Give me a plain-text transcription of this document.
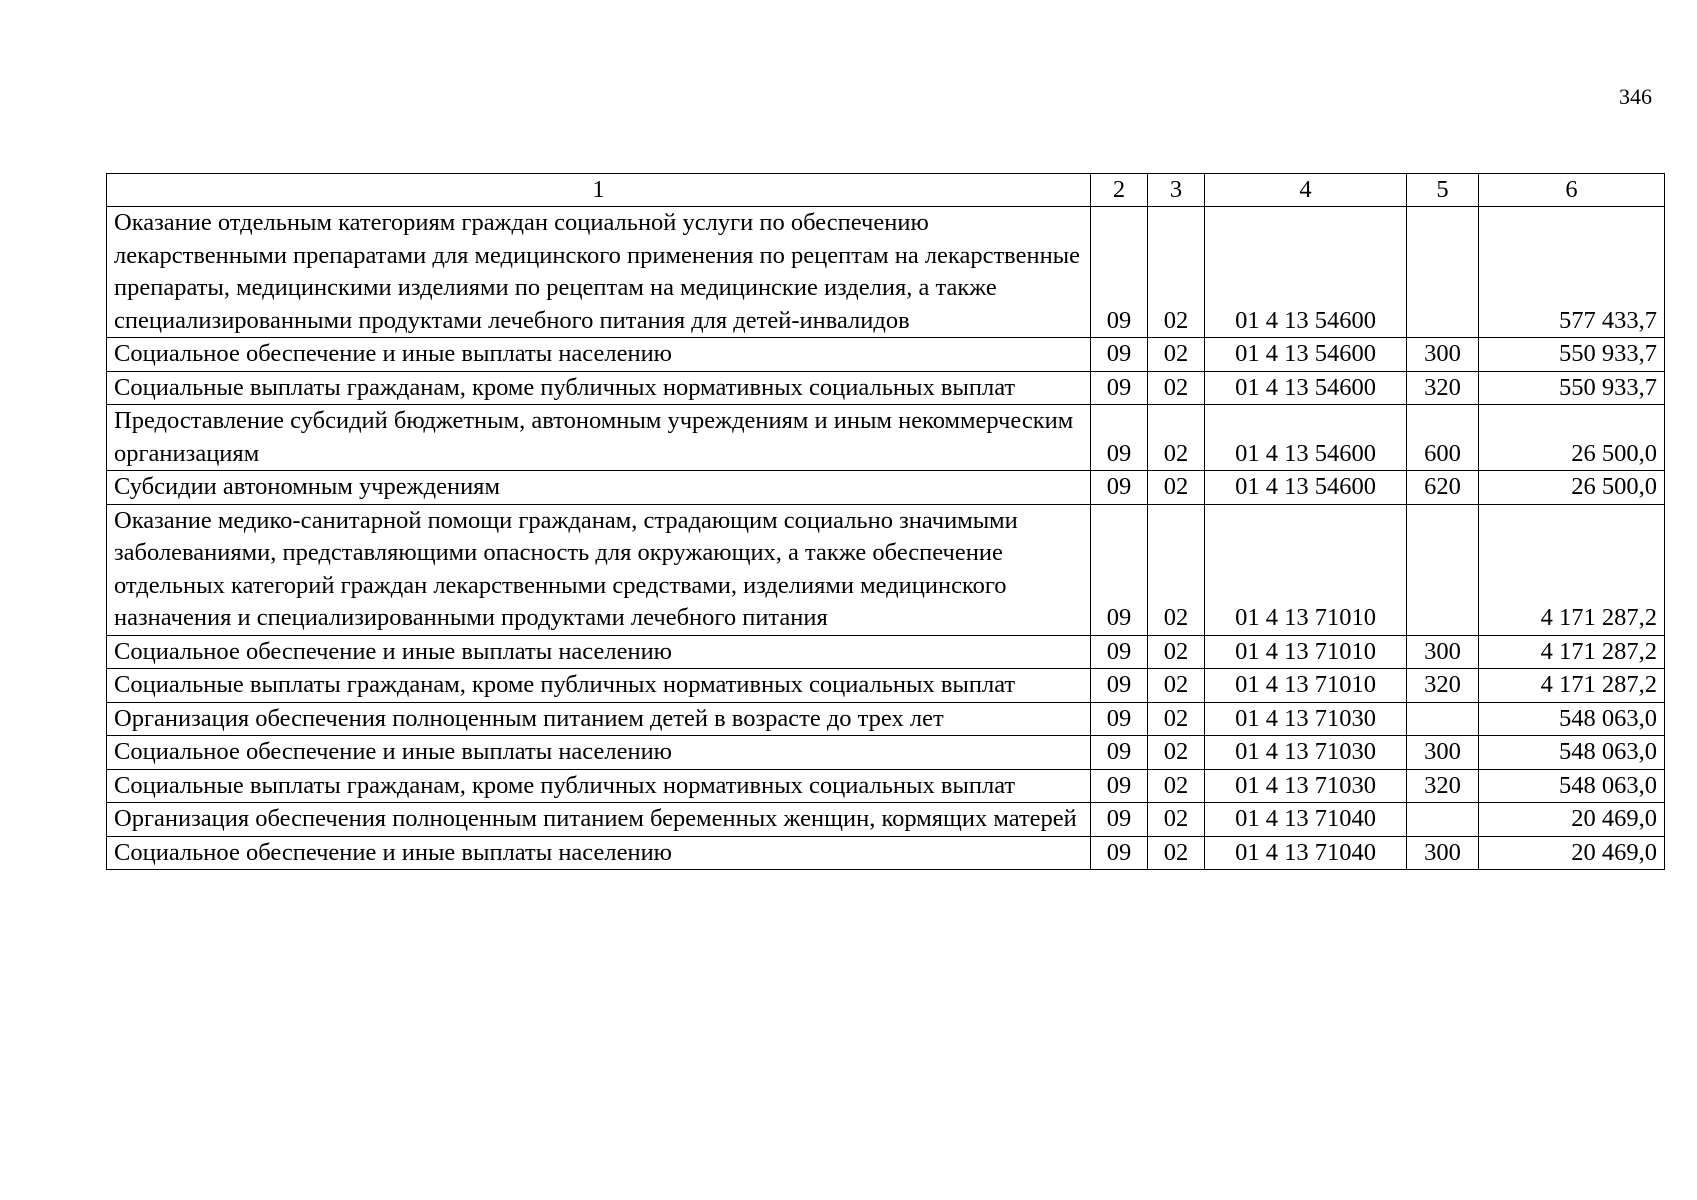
346
1	2	3	4	5	6
Оказание отдельным категориям граждан социальной услуги по обеспечению лекарственными препаратами для медицинского применения по рецептам на лекарственные препараты, медицинскими изделиями по рецептам на медицинские изделия, а также специализированными продуктами лечебного питания для детей-инвалидов	09	02	01 4 13 54600		577 433,7
Социальное обеспечение и иные выплаты населению	09	02	01 4 13 54600	300	550 933,7
Социальные выплаты гражданам, кроме публичных нормативных социальных выплат	09	02	01 4 13 54600	320	550 933,7
Предоставление субсидий бюджетным, автономным учреждениям и иным некоммерческим организациям	09	02	01 4 13 54600	600	26 500,0
Субсидии автономным учреждениям	09	02	01 4 13 54600	620	26 500,0
Оказание медико-санитарной помощи гражданам, страдающим социально значимыми заболеваниями, представляющими опасность для окружающих, а также обеспечение отдельных категорий граждан лекарственными средствами, изделиями медицинского назначения и специализированными продуктами лечебного питания	09	02	01 4 13 71010		4 171 287,2
Социальное обеспечение и иные выплаты населению	09	02	01 4 13 71010	300	4 171 287,2
Социальные выплаты гражданам, кроме публичных нормативных социальных выплат	09	02	01 4 13 71010	320	4 171 287,2
Организация обеспечения полноценным питанием детей в возрасте до трех лет	09	02	01 4 13 71030		548 063,0
Социальное обеспечение и иные выплаты населению	09	02	01 4 13 71030	300	548 063,0
Социальные выплаты гражданам, кроме публичных нормативных социальных выплат	09	02	01 4 13 71030	320	548 063,0
Организация обеспечения полноценным питанием беременных женщин, кормящих матерей	09	02	01 4 13 71040		20 469,0
Социальное обеспечение и иные выплаты населению	09	02	01 4 13 71040	300	20 469,0
